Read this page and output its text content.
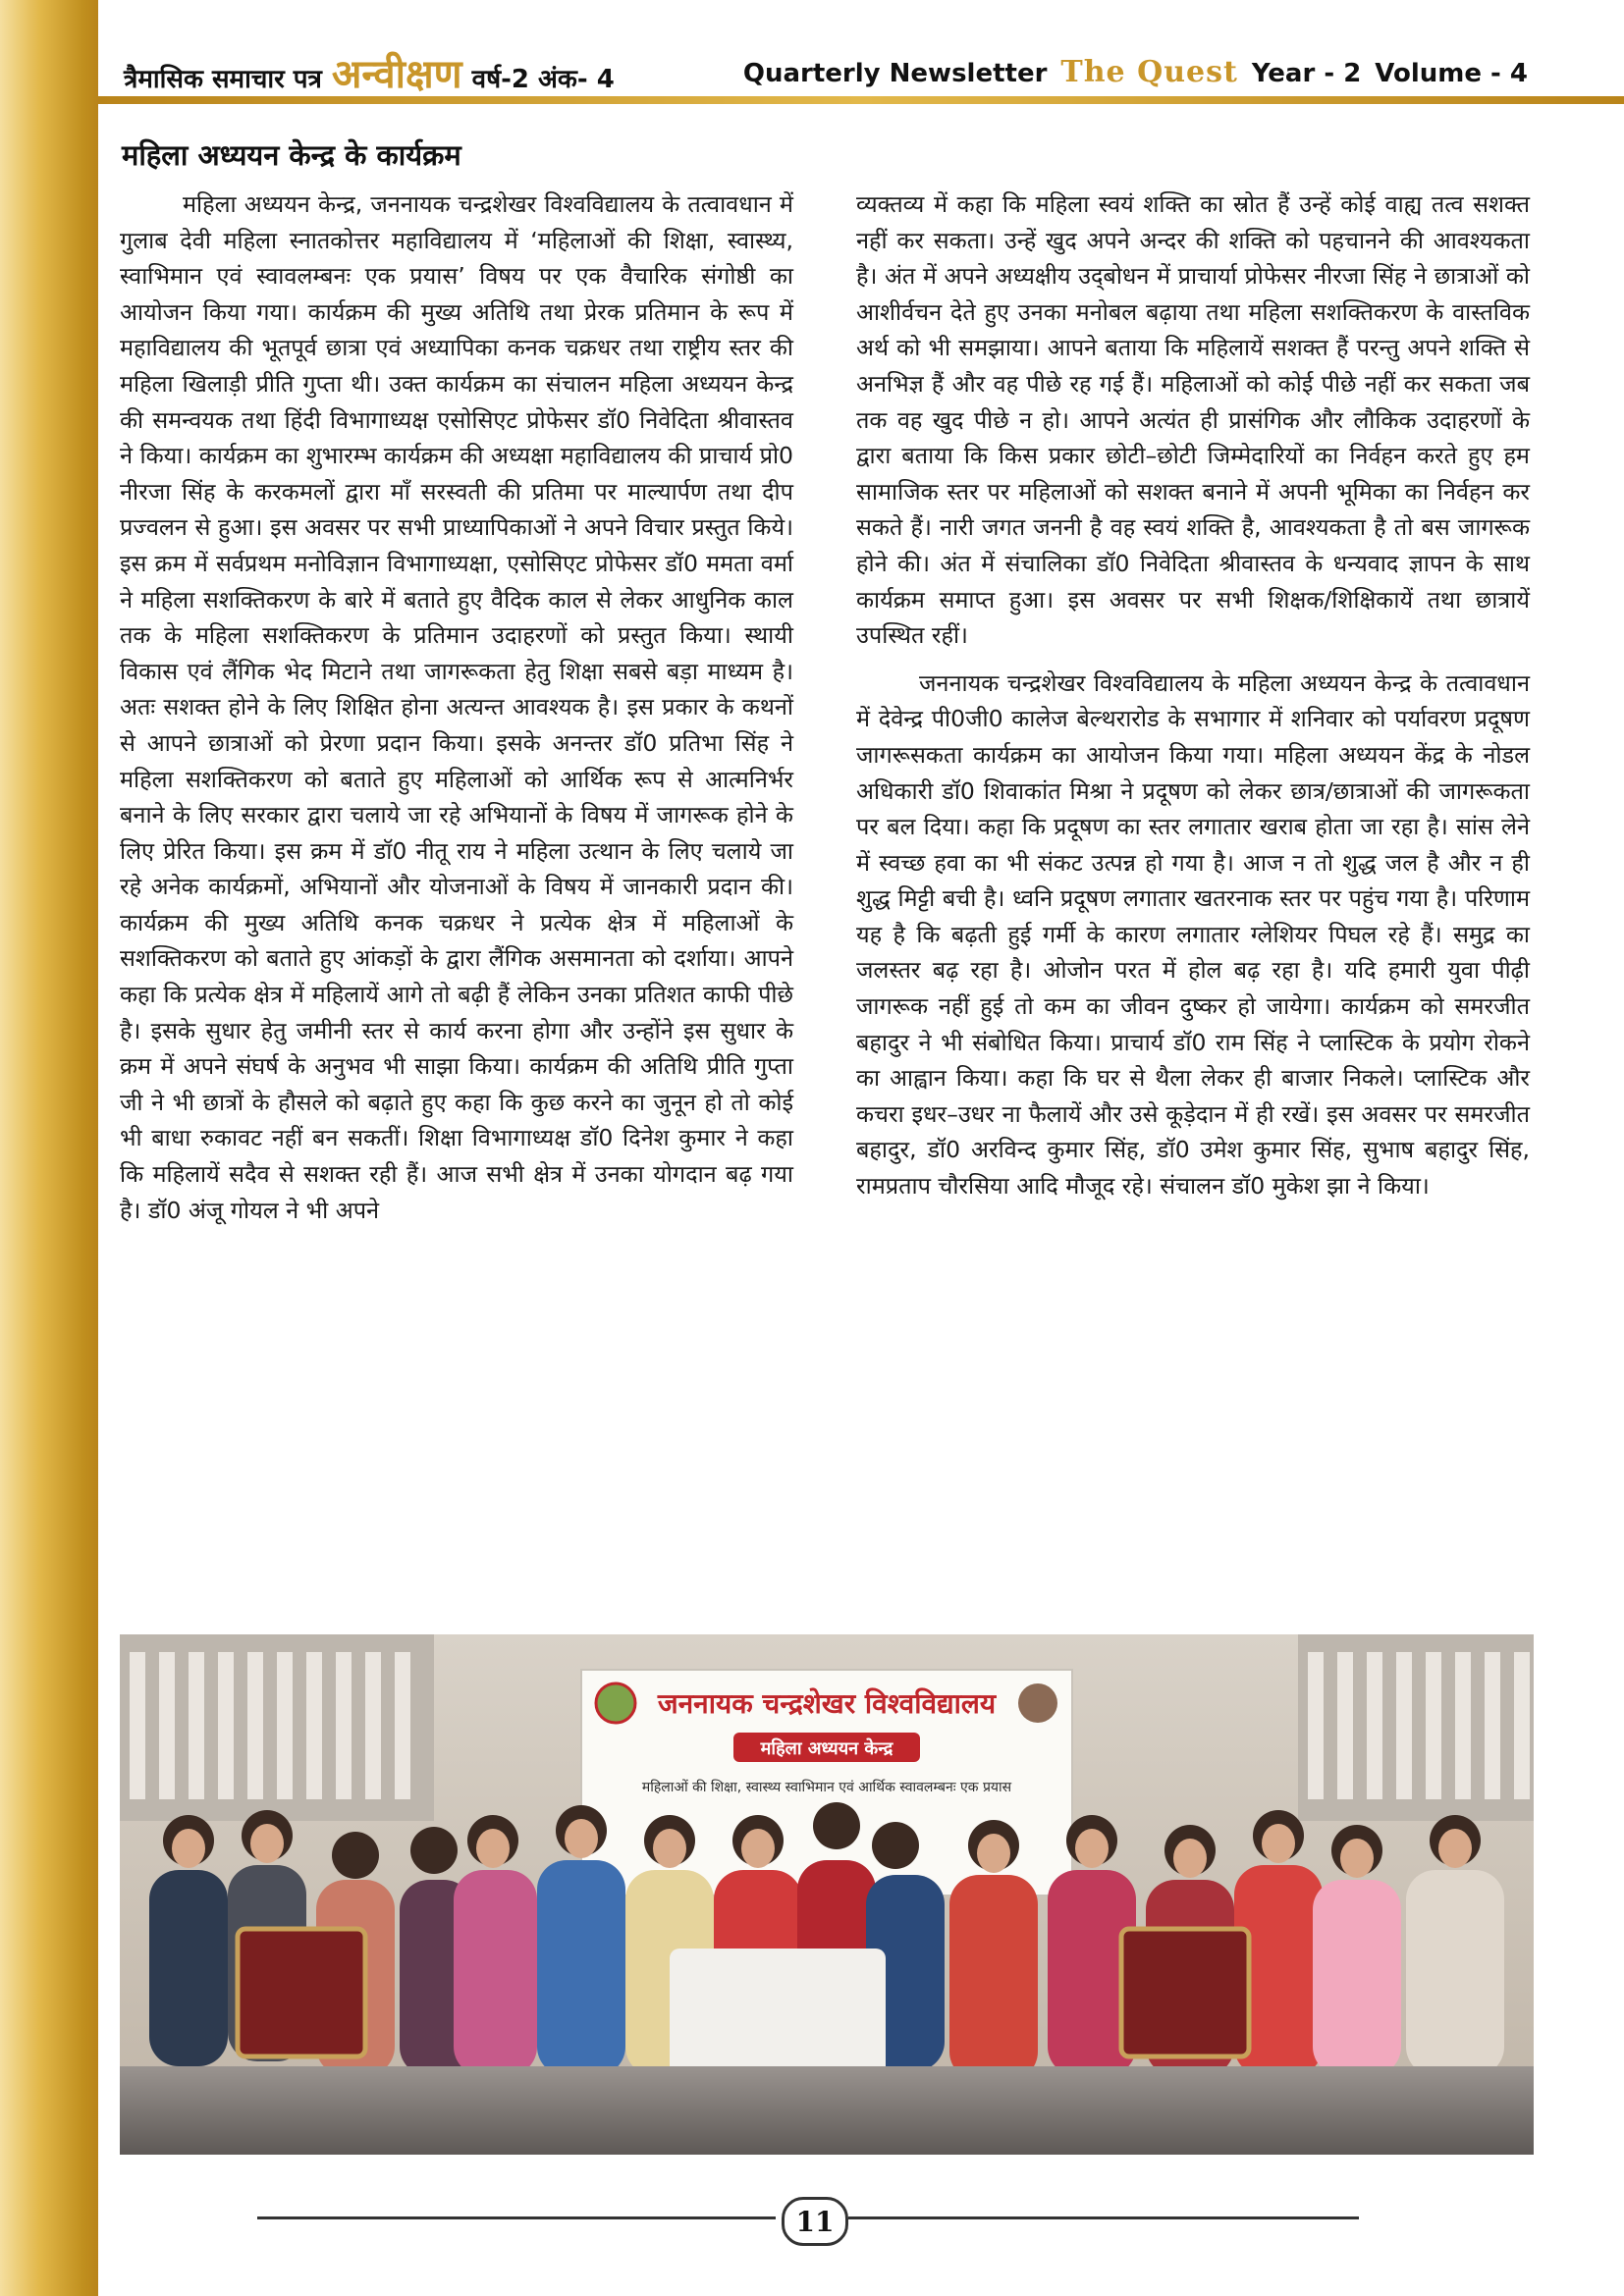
त्रैमासिक समाचार पत्र अन्वीक्षण वर्ष-2 अंक- 4	Quarterly Newsletter The Quest Year - 2 Volume - 4
महिला अध्ययन केन्द्र के कार्यक्रम

महिला अध्ययन केन्द्र, जननायक चन्द्रशेखर विश्वविद्यालय के तत्वावधान में गुलाब देवी महिला स्नातकोत्तर महाविद्यालय में ‘महिलाओं की शिक्षा, स्वास्थ्य, स्वाभिमान एवं स्वावलम्बनः एक प्रयास’ विषय पर एक वैचारिक संगोष्ठी का आयोजन किया गया। कार्यक्रम की मुख्य अतिथि तथा प्रेरक प्रतिमान के रूप में महाविद्यालय की भूतपूर्व छात्रा एवं अध्यापिका कनक चक्रधर तथा राष्ट्रीय स्तर की महिला खिलाड़ी प्रीति गुप्ता थी। उक्त कार्यक्रम का संचालन महिला अध्ययन केन्द्र की समन्वयक तथा हिंदी विभागाध्यक्ष एसोसिएट प्रोफेसर डॉ0 निवेदिता श्रीवास्तव ने किया। कार्यक्रम का शुभारम्भ कार्यक्रम की अध्यक्षा महाविद्यालय की प्राचार्य प्रो0 नीरजा सिंह के करकमलों द्वारा माँ सरस्वती की प्रतिमा पर माल्यार्पण तथा दीप प्रज्वलन से हुआ। इस अवसर पर सभी प्राध्यापिकाओं ने अपने विचार प्रस्तुत किये। इस क्रम में सर्वप्रथम मनोविज्ञान विभागाध्यक्षा, एसोसिएट प्रोफेसर डॉ0 ममता वर्मा ने महिला सशक्तिकरण के बारे में बताते हुए वैदिक काल से लेकर आधुनिक काल तक के महिला सशक्तिकरण के प्रतिमान उदाहरणों को प्रस्तुत किया। स्थायी विकास एवं लैंगिक भेद मिटाने तथा जागरूकता हेतु शिक्षा सबसे बड़ा माध्यम है। अतः सशक्त होने के लिए शिक्षित होना अत्यन्त आवश्यक है। इस प्रकार के कथनों से आपने छात्राओं को प्रेरणा प्रदान किया। इसके अनन्तर डॉ0 प्रतिभा सिंह ने महिला सशक्तिकरण को बताते हुए महिलाओं को आर्थिक रूप से आत्मनिर्भर बनाने के लिए सरकार द्वारा चलाये जा रहे अभियानों के विषय में जागरूक होने के लिए प्रेरित किया। इस क्रम में डॉ0 नीतू राय ने महिला उत्थान के लिए चलाये जा रहे अनेक कार्यक्रमों, अभियानों और योजनाओं के विषय में जानकारी प्रदान की। कार्यक्रम की मुख्य अतिथि कनक चक्रधर ने प्रत्येक क्षेत्र में महिलाओं के सशक्तिकरण को बताते हुए आंकड़ों के द्वारा लैंगिक असमानता को दर्शाया। आपने कहा कि प्रत्येक क्षेत्र में महिलायें आगे तो बढ़ी हैं लेकिन उनका प्रतिशत काफी पीछे है। इसके सुधार हेतु जमीनी स्तर से कार्य करना होगा और उन्होंने इस सुधार के क्रम में अपने संघर्ष के अनुभव भी साझा किया। कार्यक्रम की अतिथि प्रीति गुप्ता जी ने भी छात्रों के हौसले को बढ़ाते हुए कहा कि कुछ करने का जुनून हो तो कोई भी बाधा रुकावट नहीं बन सकतीं। शिक्षा विभागाध्यक्ष डॉ0 दिनेश कुमार ने कहा कि महिलायें सदैव से सशक्त रही हैं। आज सभी क्षेत्र में उनका योगदान बढ़ गया है। डॉ0 अंजू गोयल ने भी अपने

व्यक्तव्य में कहा कि महिला स्वयं शक्ति का स्रोत हैं उन्हें कोई वाह्य तत्व सशक्त नहीं कर सकता। उन्हें खुद अपने अन्दर की शक्ति को पहचानने की आवश्यकता है। अंत में अपने अध्यक्षीय उद्‌बोधन में प्राचार्या प्रोफेसर नीरजा सिंह ने छात्राओं को आशीर्वचन देते हुए उनका मनोबल बढ़ाया तथा महिला सशक्तिकरण के वास्तविक अर्थ को भी समझाया। आपने बताया कि महिलायें सशक्त हैं परन्तु अपने शक्ति से अनभिज्ञ हैं और वह पीछे रह गई हैं। महिलाओं को कोई पीछे नहीं कर सकता जब तक वह खुद पीछे न हो। आपने अत्यंत ही प्रासंगिक और लौकिक उदाहरणों के द्वारा बताया कि किस प्रकार छोटी–छोटी जिम्मेदारियों का निर्वहन करते हुए हम सामाजिक स्तर पर महिलाओं को सशक्त बनाने में अपनी भूमिका का निर्वहन कर सकते हैं। नारी जगत जननी है वह स्वयं शक्ति है, आवश्यकता है तो बस जागरूक होने की। अंत में संचालिका डॉ0 निवेदिता श्रीवास्तव के धन्यवाद ज्ञापन के साथ कार्यक्रम समाप्त हुआ। इस अवसर पर सभी शिक्षक/शिक्षिकायें तथा छात्रायें उपस्थित रहीं।

जननायक चन्द्रशेखर विश्वविद्यालय के महिला अध्ययन केन्द्र के तत्वावधान में देवेन्द्र पी0जी0 कालेज बेल्थरारोड के सभागार में शनिवार को पर्यावरण प्रदूषण जागरूसकता कार्यक्रम का आयोजन किया गया। महिला अध्ययन केंद्र के नोडल अधिकारी डॉ0 शिवाकांत मिश्रा ने प्रदूषण को लेकर छात्र/छात्राओं की जागरूकता पर बल दिया। कहा कि प्रदूषण का स्तर लगातार खराब होता जा रहा है। सांस लेने में स्वच्छ हवा का भी संकट उत्पन्न हो गया है। आज न तो शुद्ध जल है और न ही शुद्ध मिट्टी बची है। ध्वनि प्रदूषण लगातार खतरनाक स्तर पर पहुंच गया है। परिणाम यह है कि बढ़ती हुई गर्मी के कारण लगातार ग्लेशियर पिघल रहे हैं। समुद्र का जलस्तर बढ़ रहा है। ओजोन परत में होल बढ़ रहा है। यदि हमारी युवा पीढ़ी जागरूक नहीं हुई तो कम का जीवन दुष्कर हो जायेगा। कार्यक्रम को समरजीत बहादुर ने भी संबोधित किया। प्राचार्य डॉ0 राम सिंह ने प्लास्टिक के प्रयोग रोकने का आह्वान किया। कहा कि घर से थैला लेकर ही बाजार निकले। प्लास्टिक और कचरा इधर–उधर ना फैलायें और उसे कूड़ेदान में ही रखें। इस अवसर पर समरजीत बहादुर, डॉ0 अरविन्द कुमार सिंह, डॉ0 उमेश कुमार सिंह, सुभाष बहादुर सिंह, रामप्रताप चौरसिया आदि मौजूद रहे। संचालन डॉ0 मुकेश झा ने किया।

जननायक चन्द्रशेखर विश्वविद्यालय
महिला अध्ययन केन्द्र
महिलाओं की शिक्षा, स्वास्थ्य स्वाभिमान एवं आर्थिक स्वावलम्बनः एक प्रयास
11
